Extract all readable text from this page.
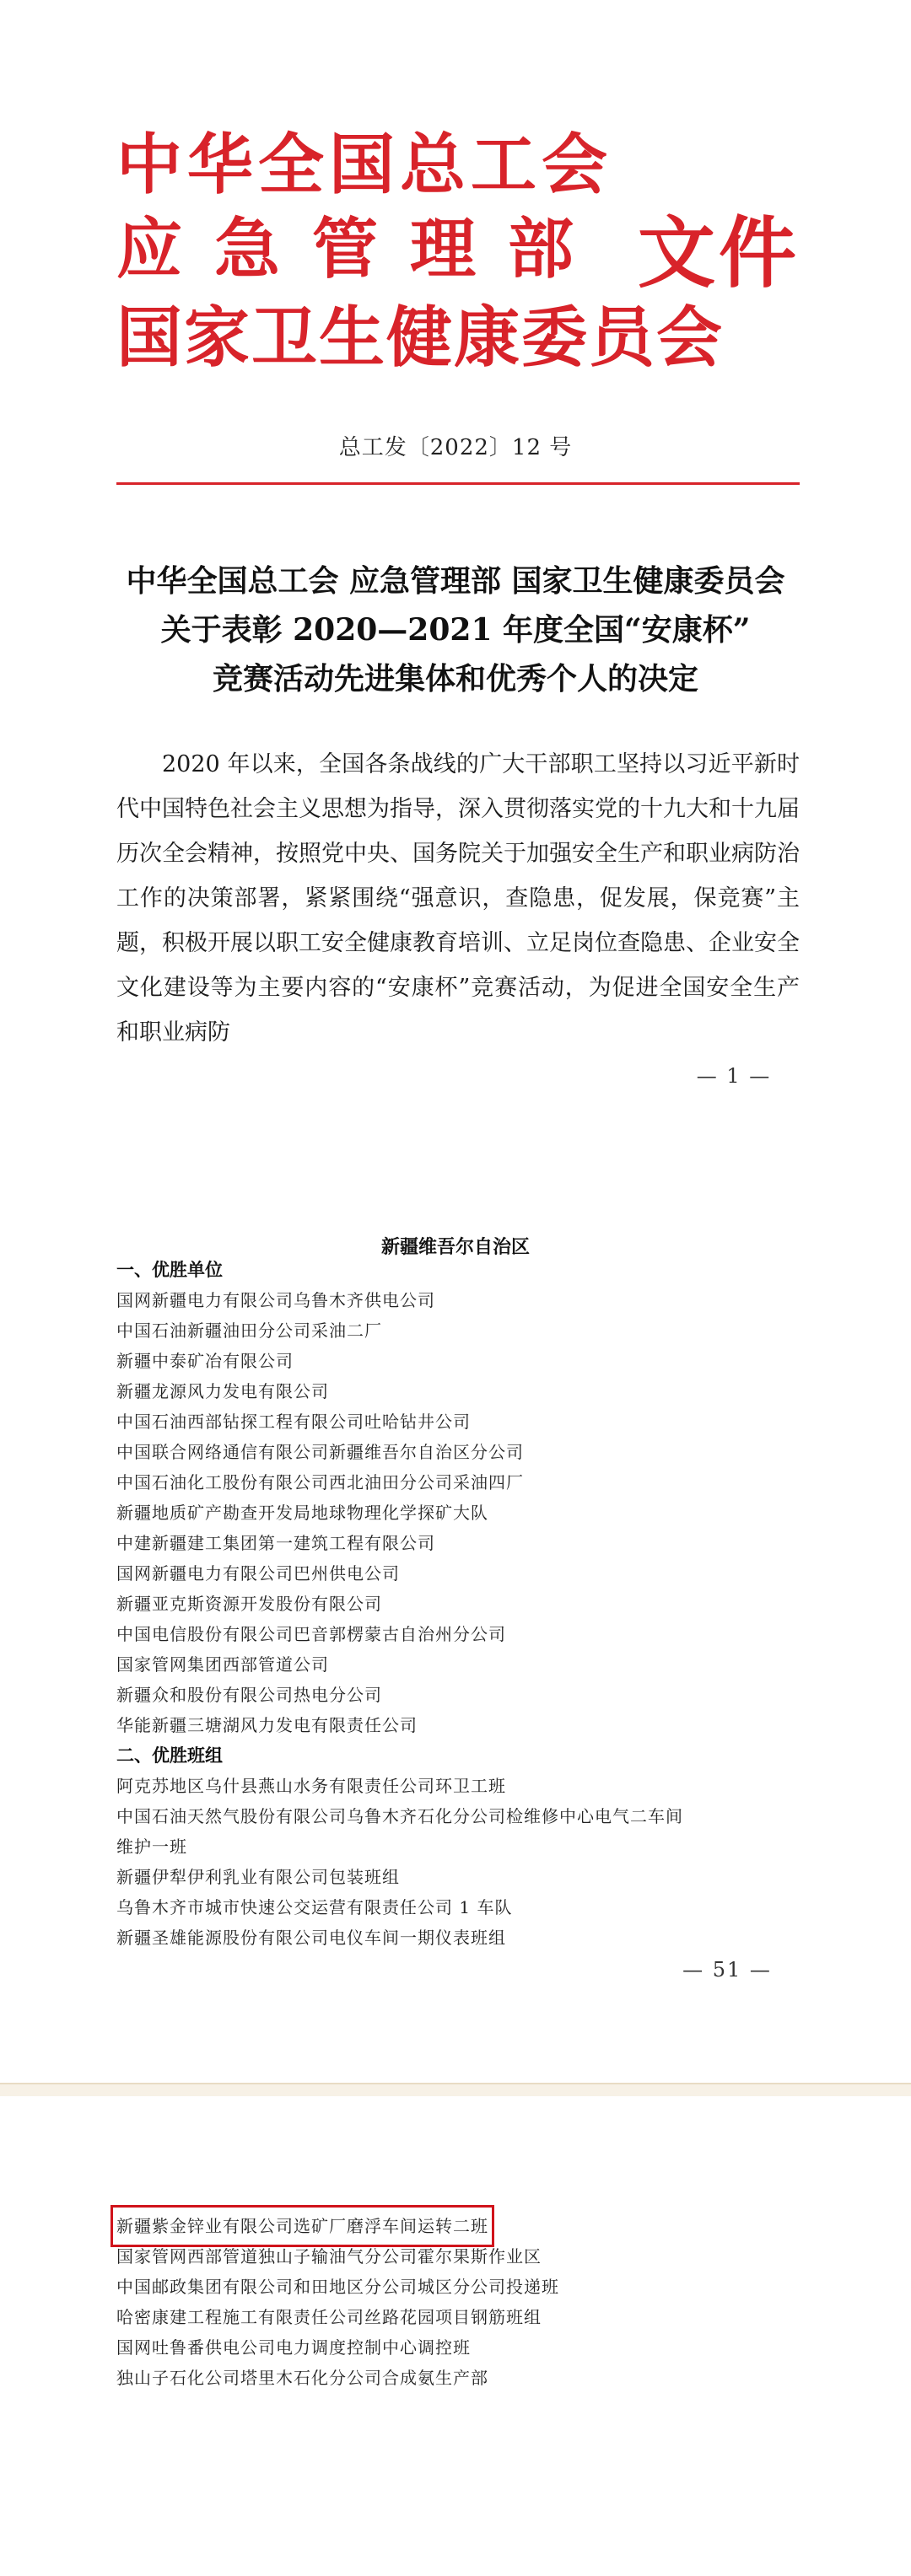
中华全国总工会
应急管理部
国家卫生健康委员会
文件
总工发〔2022〕12 号
中华全国总工会 应急管理部 国家卫生健康委员会
关于表彰 2020—2021 年度全国“安康杯”
竞赛活动先进集体和优秀个人的决定
2020 年以来，全国各条战线的广大干部职工坚持以习近平新时代中国特色社会主义思想为指导，深入贯彻落实党的十九大和十九届历次全会精神，按照党中央、国务院关于加强安全生产和职业病防治工作的决策部署，紧紧围绕“强意识，查隐患，促发展，保竞赛”主题，积极开展以职工安全健康教育培训、立足岗位查隐患、企业安全文化建设等为主要内容的“安康杯”竞赛活动，为促进全国安全生产和职业病防
— 1 —
新疆维吾尔自治区
一、优胜单位
国网新疆电力有限公司乌鲁木齐供电公司
中国石油新疆油田分公司采油二厂
新疆中泰矿冶有限公司
新疆龙源风力发电有限公司
中国石油西部钻探工程有限公司吐哈钻井公司
中国联合网络通信有限公司新疆维吾尔自治区分公司
中国石油化工股份有限公司西北油田分公司采油四厂
新疆地质矿产勘查开发局地球物理化学探矿大队
中建新疆建工集团第一建筑工程有限公司
国网新疆电力有限公司巴州供电公司
新疆亚克斯资源开发股份有限公司
中国电信股份有限公司巴音郭楞蒙古自治州分公司
国家管网集团西部管道公司
新疆众和股份有限公司热电分公司
华能新疆三塘湖风力发电有限责任公司
二、优胜班组
阿克苏地区乌什县燕山水务有限责任公司环卫工班
中国石油天然气股份有限公司乌鲁木齐石化分公司检维修中心电气二车间
维护一班
新疆伊犁伊利乳业有限公司包装班组
乌鲁木齐市城市快速公交运营有限责任公司 1 车队
新疆圣雄能源股份有限公司电仪车间一期仪表班组
— 51 —
新疆紫金锌业有限公司选矿厂磨浮车间运转二班
国家管网西部管道独山子输油气分公司霍尔果斯作业区
中国邮政集团有限公司和田地区分公司城区分公司投递班
哈密康建工程施工有限责任公司丝路花园项目钢筋班组
国网吐鲁番供电公司电力调度控制中心调控班
独山子石化公司塔里木石化分公司合成氨生产部
